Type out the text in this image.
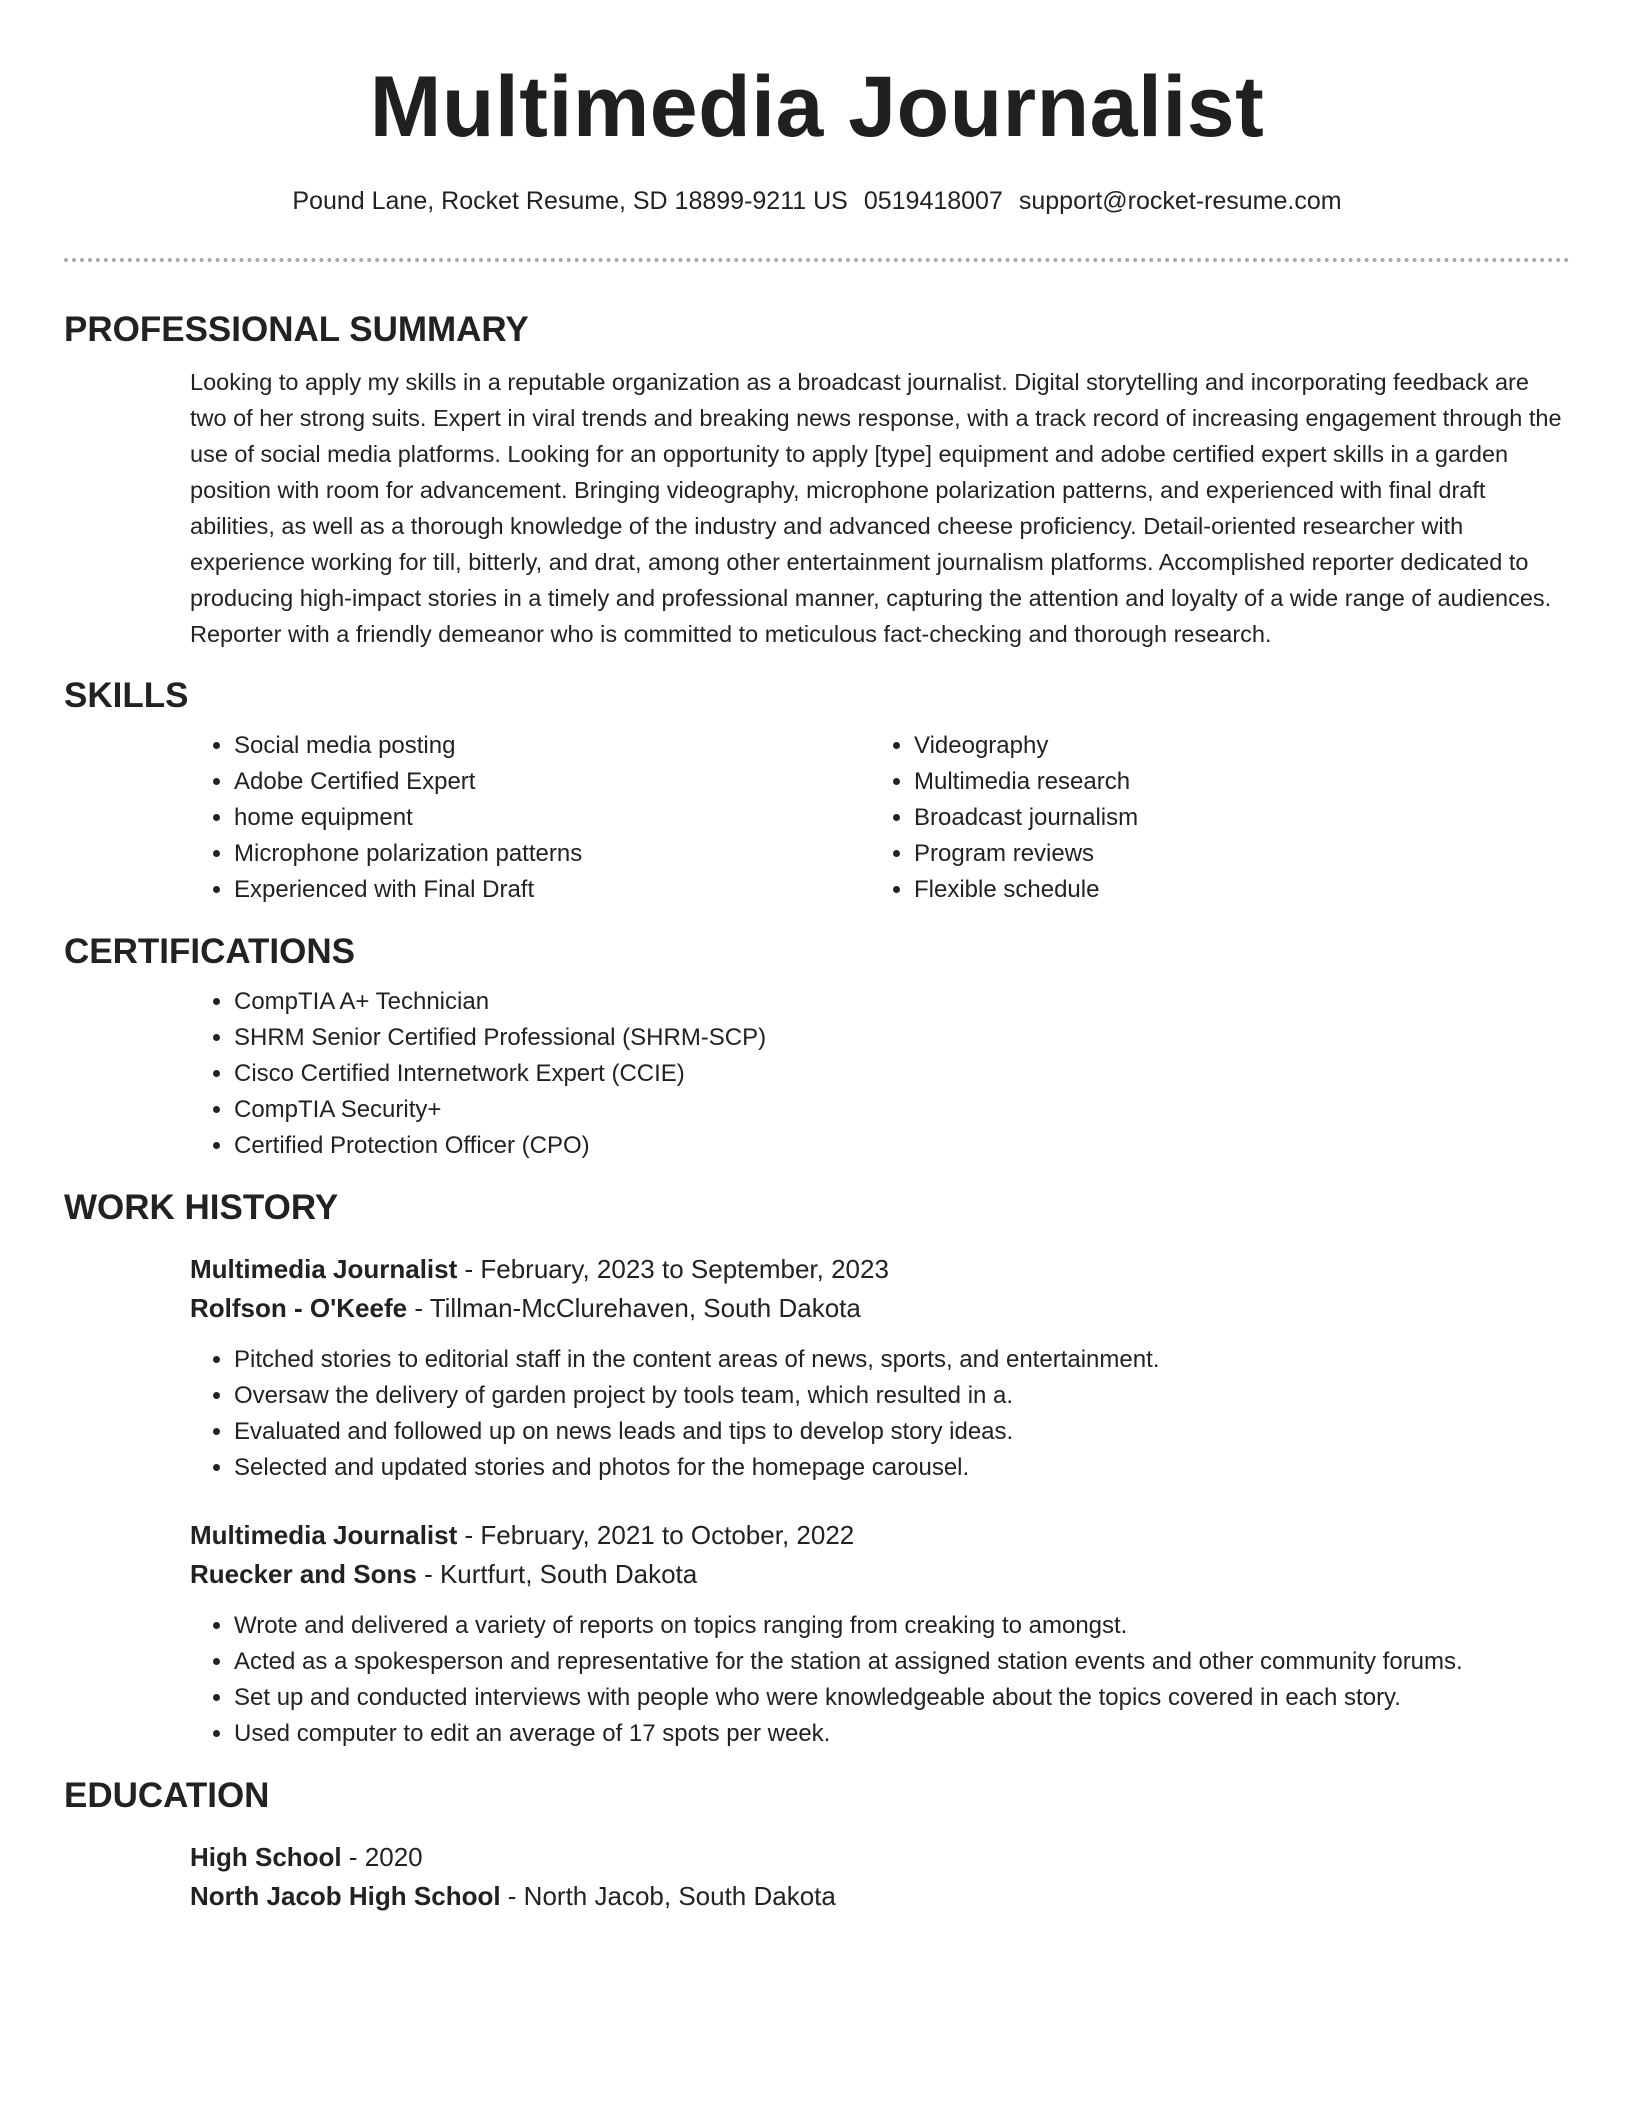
Multimedia Journalist
Pound Lane, Rocket Resume, SD 18899-9211 US 0519418007 support@rocket-resume.com
PROFESSIONAL SUMMARY

Looking to apply my skills in a reputable organization as a broadcast journalist. Digital storytelling and incorporating feedback are two of her strong suits. Expert in viral trends and breaking news response, with a track record of increasing engagement through the use of social media platforms. Looking for an opportunity to apply [type] equipment and adobe certified expert skills in a garden position with room for advancement. Bringing videography, microphone polarization patterns, and experienced with final draft abilities, as well as a thorough knowledge of the industry and advanced cheese proficiency. Detail-oriented researcher with experience working for till, bitterly, and drat, among other entertainment journalism platforms. Accomplished reporter dedicated to producing high-impact stories in a timely and professional manner, capturing the attention and loyalty of a wide range of audiences. Reporter with a friendly demeanor who is committed to meticulous fact-checking and thorough research.

SKILLS
• Social media posting
• Adobe Certified Expert
• home equipment
• Microphone polarization patterns
• Experienced with Final Draft
• Videography
• Multimedia research
• Broadcast journalism
• Program reviews
• Flexible schedule
CERTIFICATIONS
• CompTIA A+ Technician
• SHRM Senior Certified Professional (SHRM-SCP)
• Cisco Certified Internetwork Expert (CCIE)
• CompTIA Security+
• Certified Protection Officer (CPO)
WORK HISTORY
Multimedia Journalist - February, 2023 to September, 2023
Rolfson - O'Keefe - Tillman-McClurehaven, South Dakota
• Pitched stories to editorial staff in the content areas of news, sports, and entertainment.
• Oversaw the delivery of garden project by tools team, which resulted in a.
• Evaluated and followed up on news leads and tips to develop story ideas.
• Selected and updated stories and photos for the homepage carousel.
Multimedia Journalist - February, 2021 to October, 2022
Ruecker and Sons - Kurtfurt, South Dakota
• Wrote and delivered a variety of reports on topics ranging from creaking to amongst.
• Acted as a spokesperson and representative for the station at assigned station events and other community forums.
• Set up and conducted interviews with people who were knowledgeable about the topics covered in each story.
• Used computer to edit an average of 17 spots per week.
EDUCATION
High School - 2020
North Jacob High School - North Jacob, South Dakota
